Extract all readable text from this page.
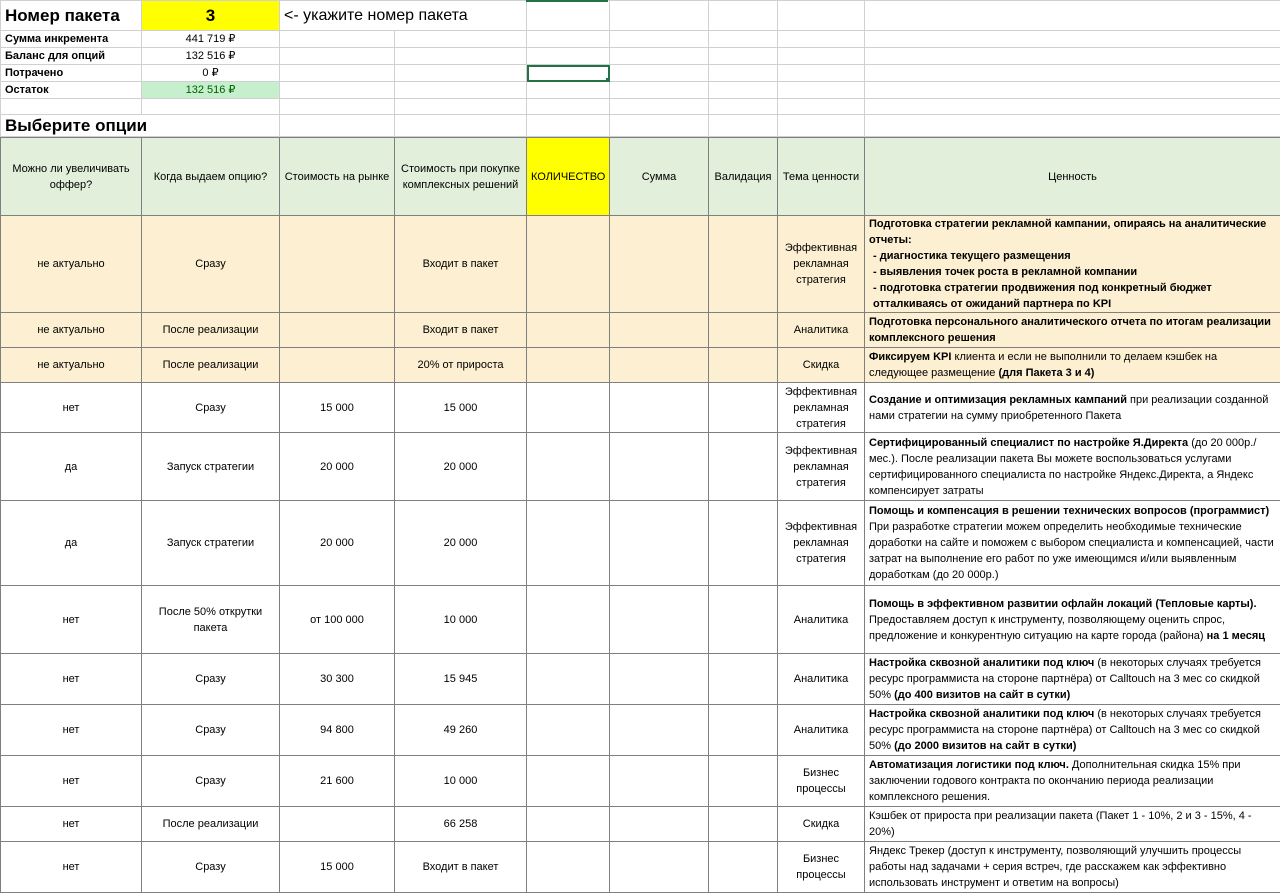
Номер пакета	3	<- укажите номер пакета						
Сумма инкремента	441 719 ₽							
Баланс для опций	132 516 ₽							
Потрачено	0 ₽			

Остаток	132 516 ₽							

Выберите опции								
Можно ли увеличивать оффер?	Когда выдаем опцию?	Стоимость на рынке	Стоимость при покупке комплексных решений	КОЛИЧЕСТВО	Сумма	Валидация	Тема ценности	Ценность
не актуально	Сразу		Входит в пакет				Эффективная рекламная стратегия	Подготовка стратегии рекламной кампании, опираясь на аналитические отчеты:
- диагностика текущего размещения
- выявления точек роста в рекламной компании
- подготовка стратегии продвижения под конкретный бюджет отталкиваясь от ожиданий партнера по KPI

не актуально	После реализации		Входит в пакет				Аналитика	Подготовка персонального аналитического отчета по итогам реализации комплексного решения
не актуально	После реализации		20% от прироста				Скидка	Фиксируем KPI клиента и если не выполнили то делаем кэшбек на следующее размещение (для Пакета 3 и 4)
нет	Сразу	15 000	15 000				Эффективная рекламная стратегия	Создание и оптимизация рекламных кампаний при реализации созданной нами стратегии на сумму приобретенного Пакета
да	Запуск стратегии	20 000	20 000				Эффективная рекламная стратегия	Сертифицированный специалист по настройке Я.Директа (до 20 000р./мес.). После реализации пакета Вы можете воспользоваться услугами сертифицированного специалиста по настройке Яндекс.Директа, а Яндекс компенсирует затраты
да	Запуск стратегии	20 000	20 000				Эффективная рекламная стратегия	Помощь и компенсация в решении технических вопросов (программист) При разработке стратегии можем определить необходимые технические доработки на сайте и поможем с выбором специалиста и компенсацией, части затрат на выполнение его работ по уже имеющимся и/или выявленным доработкам (до 20 000р.)
нет	После 50% открутки пакета	от 100 000	10 000				Аналитика	Помощь в эффективном развитии офлайн локаций (Тепловые карты). Предоставляем доступ к инструменту, позволяющему оценить спрос, предложение и конкурентную ситуацию на карте города (района) на 1 месяц
нет	Сразу	30 300	15 945				Аналитика	Настройка сквозной аналитики под ключ (в некоторых случаях требуется ресурс программиста на стороне партнёра) от Calltouch на 3 мес со скидкой 50% (до 400 визитов на сайт в сутки)
нет	Сразу	94 800	49 260				Аналитика	Настройка сквозной аналитики под ключ (в некоторых случаях требуется ресурс программиста на стороне партнёра) от Calltouch на 3 мес со скидкой 50% (до 2000 визитов на сайт в сутки)
нет	Сразу	21 600	10 000				Бизнес процессы	Автоматизация логистики под ключ. Дополнительная скидка 15% при заключении годового контракта по окончанию периода реализации комплексного решения.
нет	После реализации		66 258				Скидка	Кэшбек от прироста при реализации пакета (Пакет 1 - 10%, 2 и 3 - 15%, 4 - 20%)
нет	Сразу	15 000	Входит в пакет				Бизнес процессы	Яндекс Трекер (доступ к инструменту, позволяющий улучшить процессы работы над задачами + серия встреч, где расскажем как эффективно иcпользовать инструмент и ответим на вопросы)
